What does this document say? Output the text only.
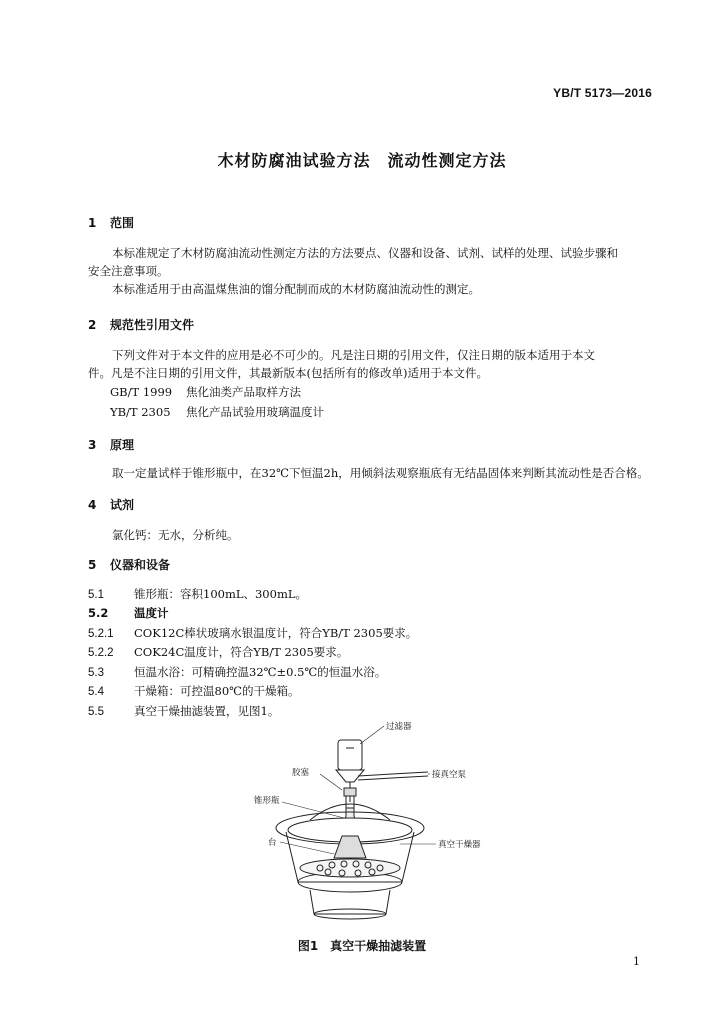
YB/T 5173—2016
木材防腐油试验方法　流动性测定方法
1 范围
本标准规定了木材防腐油流动性测定方法的方法要点、仪器和设备、试剂、试样的处理、试验步骤和
安全注意事项。
本标准适用于由高温煤焦油的馏分配制而成的木材防腐油流动性的测定。
2 规范性引用文件
下列文件对于本文件的应用是必不可少的。凡是注日期的引用文件，仅注日期的版本适用于本文
件。凡是不注日期的引用文件，其最新版本(包括所有的修改单)适用于本文件。
GB/T 1999 焦化油类产品取样方法
YB/T 2305 焦化产品试验用玻璃温度计
3 原理
取一定量试样于锥形瓶中，在32℃下恒温2h，用倾斜法观察瓶底有无结晶固体来判断其流动性是否合格。
4 试剂
氯化钙：无水，分析纯。
5 仪器和设备
5.1	锥形瓶：容积100mL、300mL。
5.2 温度计
5.2.1 COK12C棒状玻璃水银温度计，符合YB/T 2305要求。
5.2.2 COK24C温度计，符合YB/T 2305要求。
5.3	恒温水浴：可精确控温32℃±0.5℃的恒温水浴。
5.4	干燥箱：可控温80℃的干燥箱。
5.5	真空干燥抽滤装置，见图1。
过滤器
胶塞	接真空泵
锥形瓶
台	真空干燥器
图1　真空干燥抽滤装置
1
